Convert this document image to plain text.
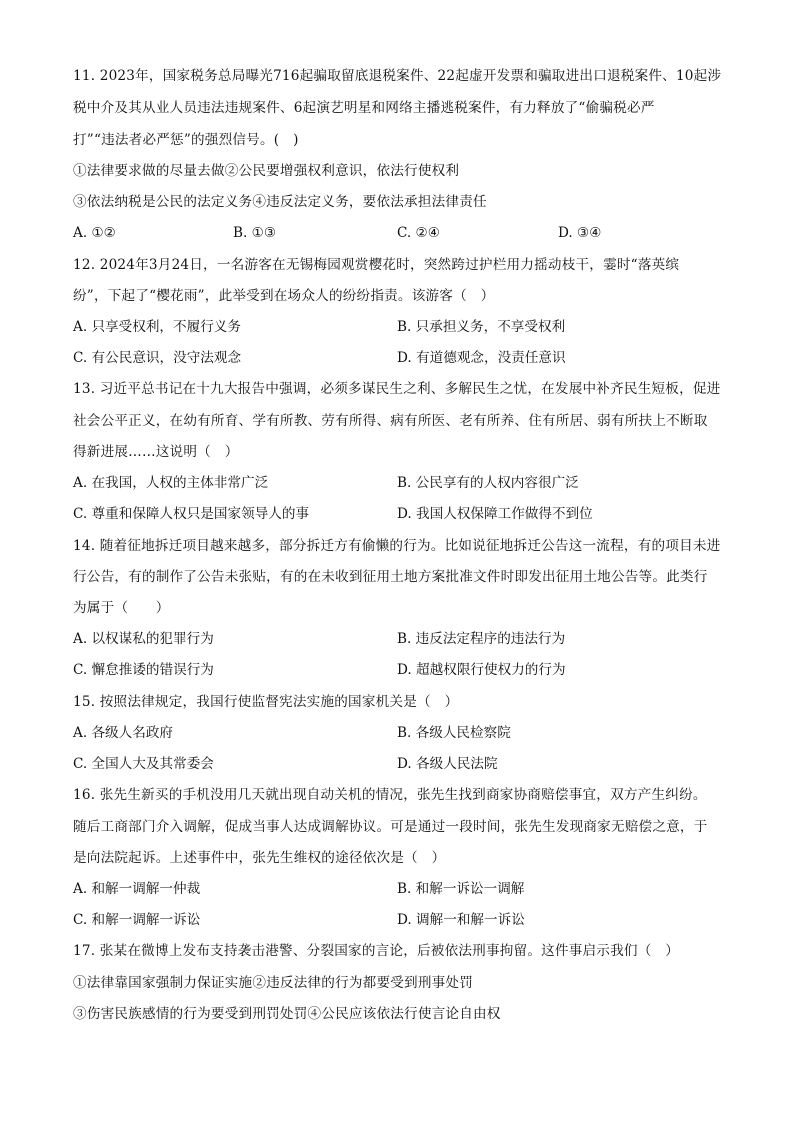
11. 2023年，国家税务总局曝光716起骗取留底退税案件、22起虚开发票和骗取进出口退税案件、10起涉
税中介及其从业人员违法违规案件、6起演艺明星和网络主播逃税案件，有力释放了“偷骗税必严
打”“违法者必严惩”的强烈信号。(　)
①法律要求做的尽量去做②公民要增强权利意识，依法行使权利
③依法纳税是公民的法定义务④违反法定义务，要依法承担法律责任
A. ①②	B. ①③	C. ②④	D. ③④
12. 2024年3月24日，一名游客在无锡梅园观赏樱花时，突然跨过护栏用力摇动枝干，霎时“落英缤
纷”，下起了“樱花雨”，此举受到在场众人的纷纷指责。该游客（　）
A. 只享受权利，不履行义务	B. 只承担义务，不享受权利
C. 有公民意识，没守法观念	D. 有道德观念，没责任意识
13. 习近平总书记在十九大报告中强调，必须多谋民生之利、多解民生之忧，在发展中补齐民生短板，促进
社会公平正义，在幼有所育、学有所教、劳有所得、病有所医、老有所养、住有所居、弱有所扶上不断取
得新进展……这说明（　）
A. 在我国，人权的主体非常广泛	B. 公民享有的人权内容很广泛
C. 尊重和保障人权只是国家领导人的事	D. 我国人权保障工作做得不到位
14. 随着征地拆迁项目越来越多，部分拆迁方有偷懒的行为。比如说征地拆迁公告这一流程，有的项目未进
行公告，有的制作了公告未张贴，有的在未收到征用土地方案批准文件时即发出征用土地公告等。此类行
为属于（　　）
A. 以权谋私的犯罪行为	B. 违反法定程序的违法行为
C. 懈怠推诿的错误行为	D. 超越权限行使权力的行为
15. 按照法律规定，我国行使监督宪法实施的国家机关是（　）
A. 各级人名政府	B. 各级人民检察院
C. 全国人大及其常委会	D. 各级人民法院
16. 张先生新买的手机没用几天就出现自动关机的情况，张先生找到商家协商赔偿事宜，双方产生纠纷。
随后工商部门介入调解，促成当事人达成调解协议。可是通过一段时间，张先生发现商家无赔偿之意，于
是向法院起诉。上述事件中，张先生维权的途径依次是（　）
A. 和解一调解一仲裁	B. 和解一诉讼一调解
C. 和解一调解一诉讼	D. 调解一和解一诉讼
17. 张某在微博上发布支持袭击港警、分裂国家的言论，后被依法刑事拘留。这件事启示我们（　）
①法律靠国家强制力保证实施②违反法律的行为都要受到刑事处罚
③伤害民族感情的行为要受到刑罚处罚④公民应该依法行使言论自由权
